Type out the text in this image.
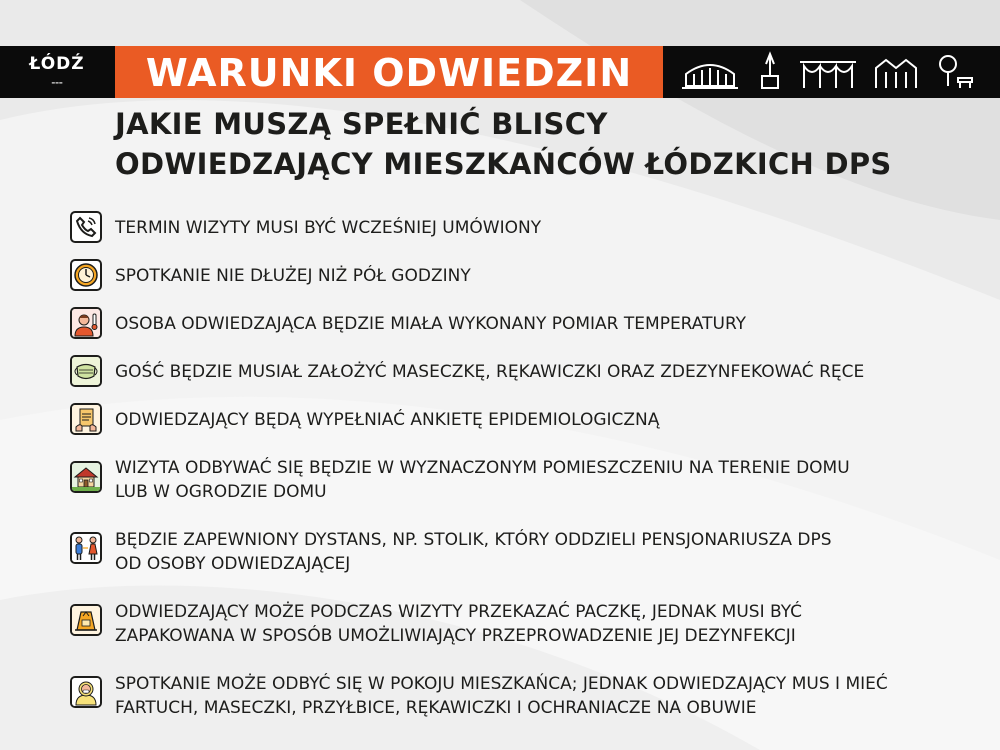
ŁÓDŹ
▬▬▬	WARUNKI ODWIEDZIN
JAKIE MUSZĄ SPEŁNIĆ BLISCY
ODWIEDZAJĄCY MIESZKAŃCÓW ŁÓDZKICH DPS
TERMIN WIZYTY MUSI BYĆ WCZEŚNIEJ UMÓWIONY
SPOTKANIE NIE DŁUŻEJ NIŻ PÓŁ GODZINY
OSOBA ODWIEDZAJĄCA BĘDZIE MIAŁA WYKONANY POMIAR TEMPERATURY
GOŚĆ BĘDZIE MUSIAŁ ZAŁOŻYĆ MASECZKĘ, RĘKAWICZKI ORAZ ZDEZYNFEKOWAĆ RĘCE
ODWIEDZAJĄCY BĘDĄ WYPEŁNIAĆ ANKIETĘ EPIDEMIOLOGICZNĄ
WIZYTA ODBYWAĆ SIĘ BĘDZIE W WYZNACZONYM POMIESZCZENIU NA TERENIE DOMU
LUB W OGRODZIE DOMU
BĘDZIE ZAPEWNIONY DYSTANS, NP. STOLIK, KTÓRY ODDZIELI PENSJONARIUSZA DPS
OD OSOBY ODWIEDZAJĄCEJ
ODWIEDZAJĄCY MOŻE PODCZAS WIZYTY PRZEKAZAĆ PACZKĘ, JEDNAK MUSI BYĆ
ZAPAKOWANA W SPOSÓB UMOŻLIWIAJĄCY PRZEPROWADZENIE JEJ DEZYNFEKCJI
SPOTKANIE MOŻE ODBYĆ SIĘ W POKOJU MIESZKAŃCA; JEDNAK ODWIEDZAJĄCY MUS I MIEĆ
FARTUCH, MASECZKI, PRZYŁBICE, RĘKAWICZKI I OCHRANIACZE NA OBUWIE
